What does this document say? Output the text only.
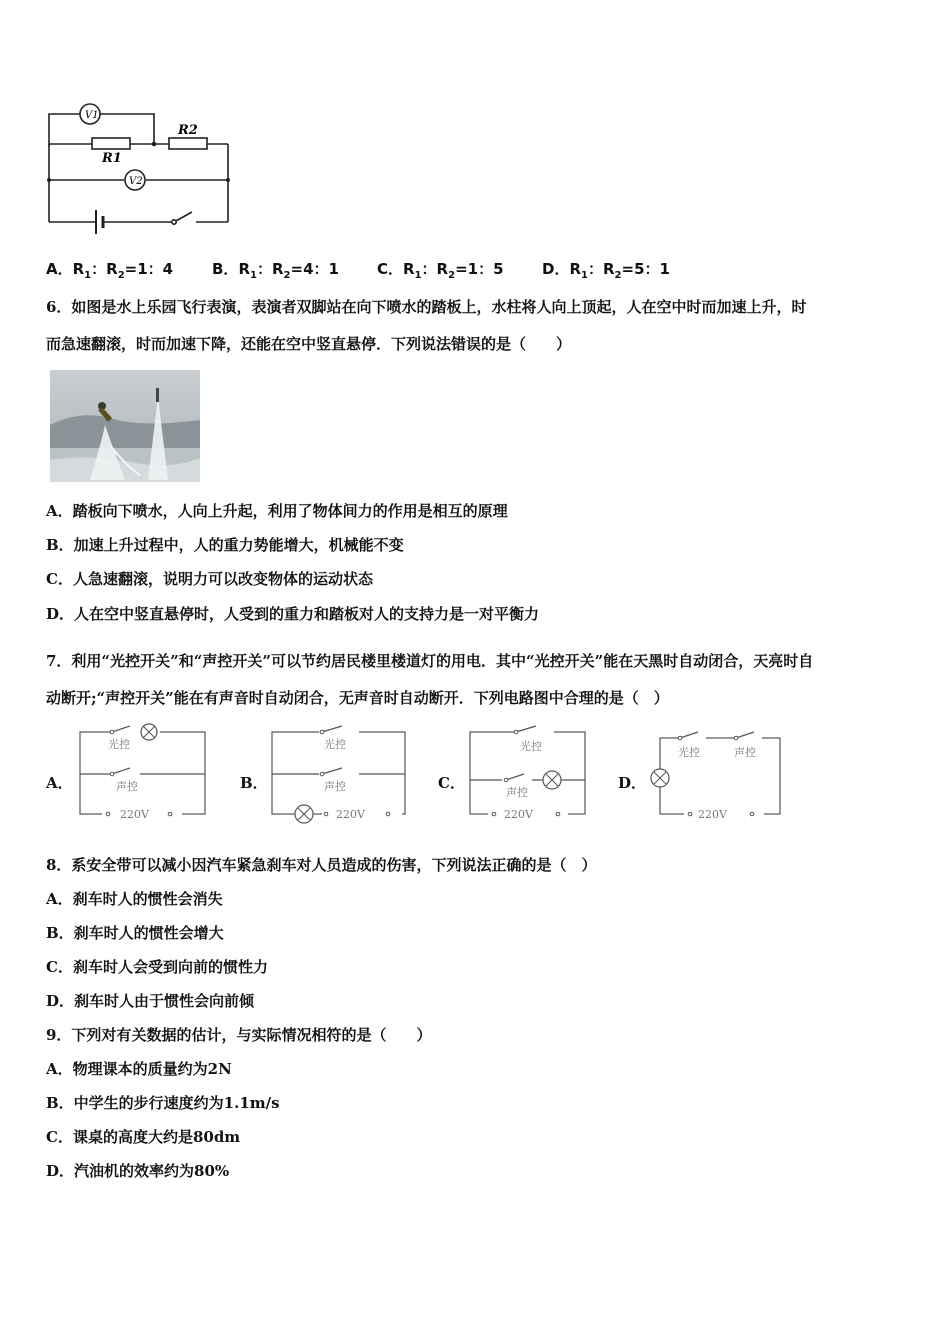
V1
V2
R1
R2
A．$R_1$：$R_2=1$：4	B．$R_1$：$R_2=4$：1	C．$R_1$：$R_2=1$：5	D．$R_1$：$R_2=5$：1
6．如图是水上乐园飞行表演，表演者双脚站在向下喷水的踏板上，水柱将人向上顶起，人在空中时而加速上升，时
而急速翻滚，时而加速下降，还能在空中竖直悬停．下列说法错误的是（　　）
A．踏板向下喷水，人向上升起，利用了物体间力的作用是相互的原理
B．加速上升过程中，人的重力势能增大，机械能不变
C．人急速翻滚，说明力可以改变物体的运动状态
D．人在空中竖直悬停时，人受到的重力和踏板对人的支持力是一对平衡力
7．利用“光控开关”和“声控开关”可以节约居民楼里楼道灯的用电．其中“光控开关”能在天黑时自动闭合，天亮时自
动断开;“声控开关”能在有声音时自动闭合，无声音时自动断开．下列电路图中合理的是（　）
A．
光控
声控
220V
B．
光控
声控
220V
C．
光控
声控
220V
D．
光控	声控
220V
8．系安全带可以减小因汽车紧急刹车对人员造成的伤害，下列说法正确的是（　）
A．刹车时人的惯性会消失
B．刹车时人的惯性会增大
C．刹车时人会受到向前的惯性力
D．刹车时人由于惯性会向前倾
9．下列对有关数据的估计，与实际情况相符的是（　　）
A．物理课本的质量约为2N
B．中学生的步行速度约为1.1m/s
C．课桌的高度大约是80dm
D．汽油机的效率约为80%
